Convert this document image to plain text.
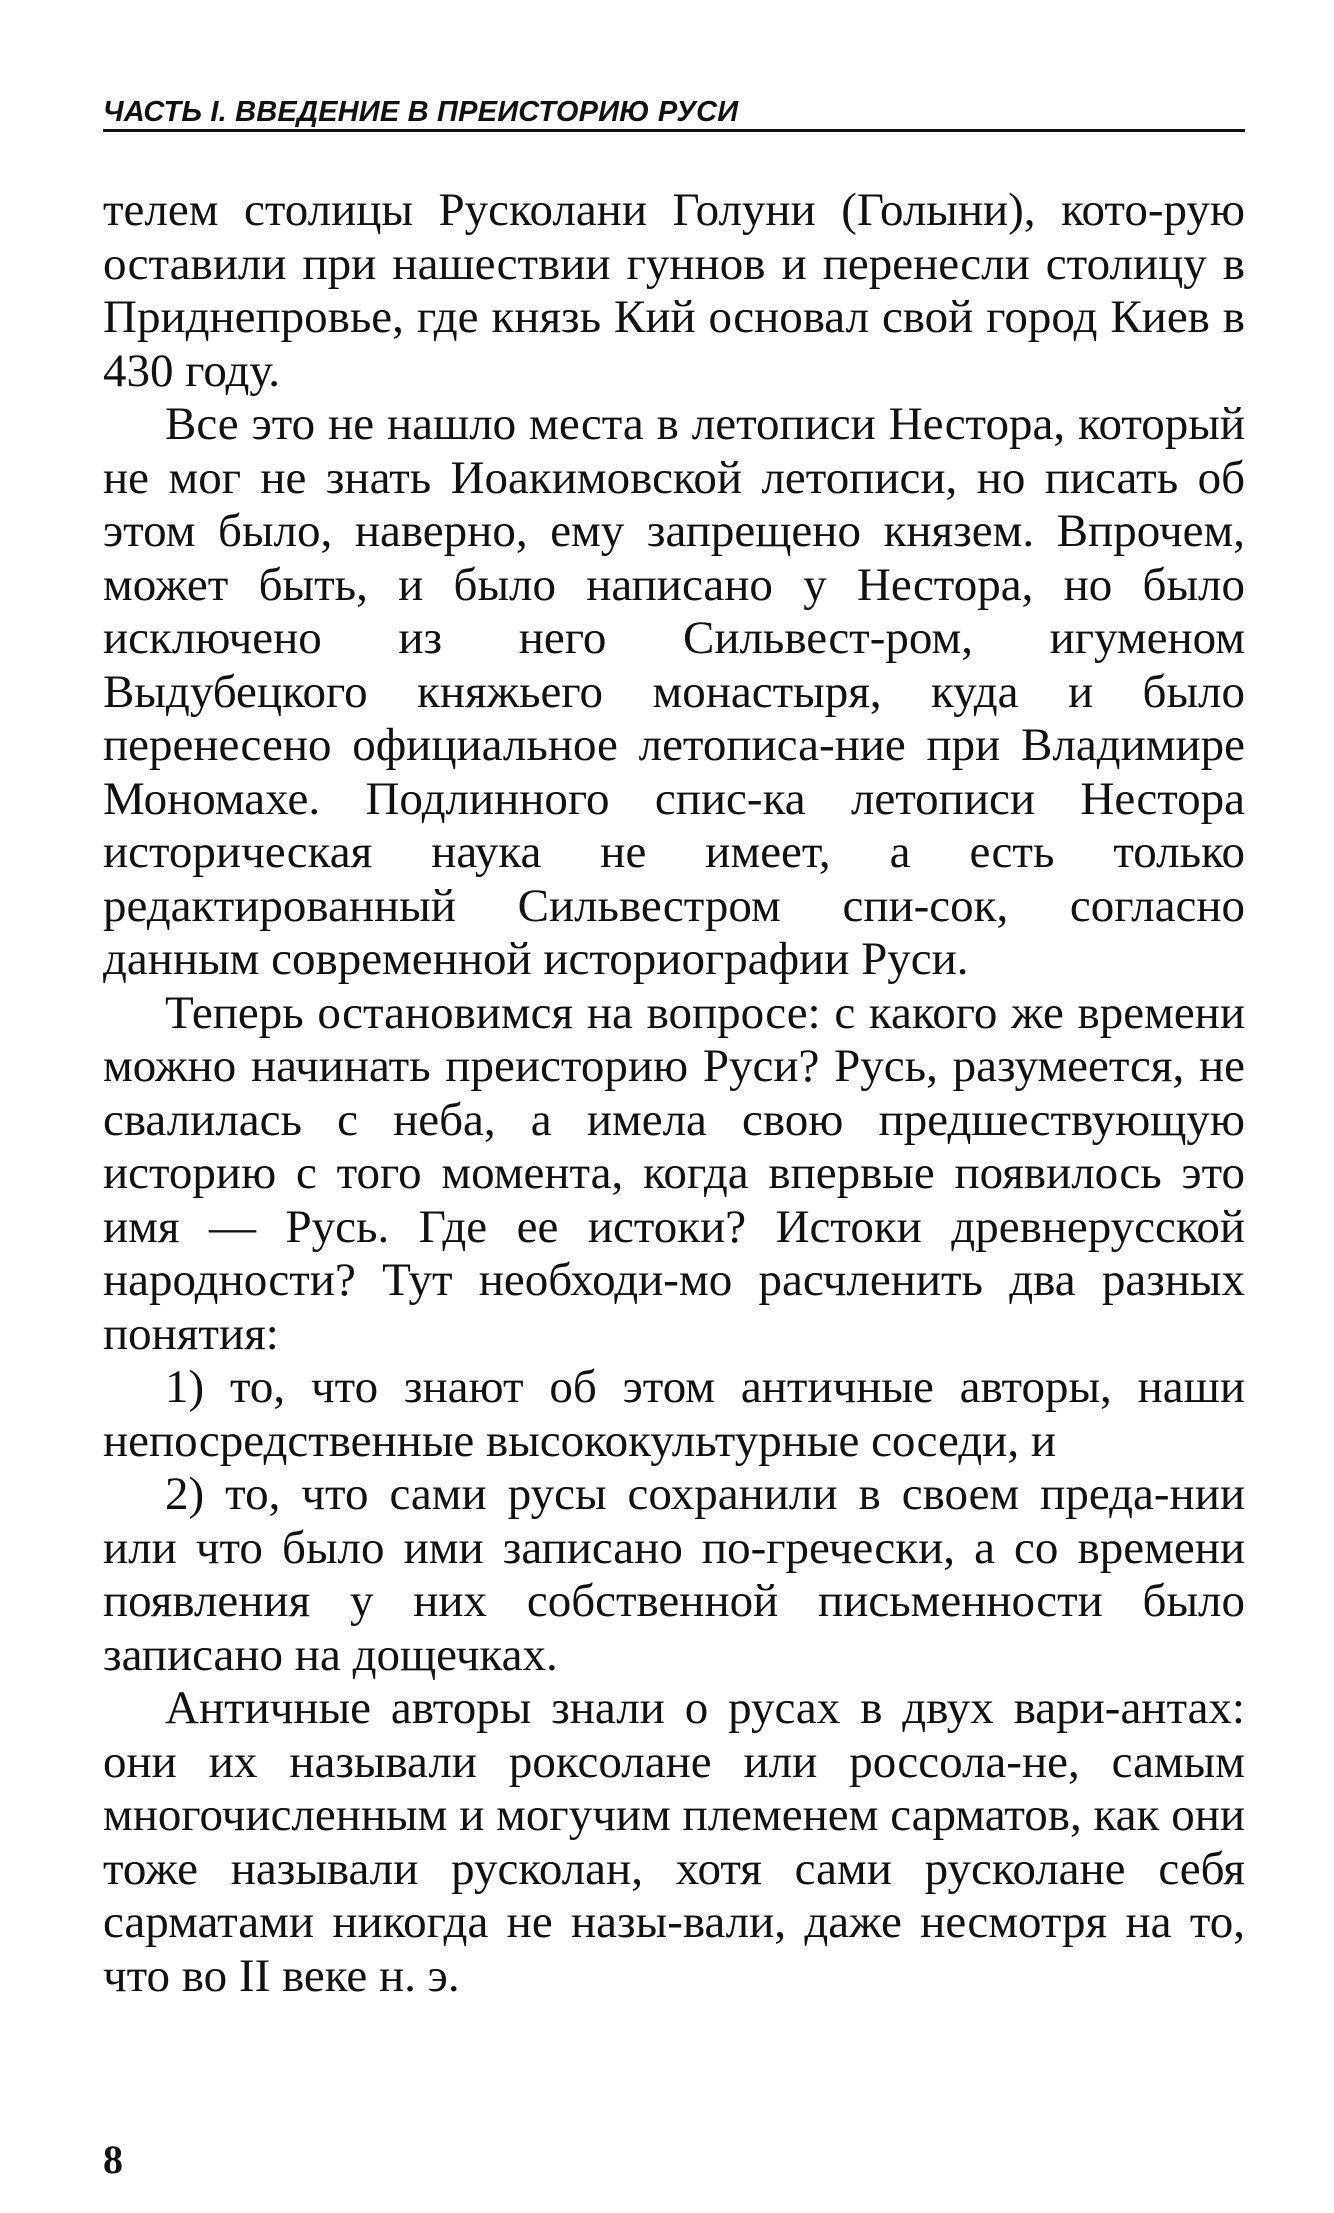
ЧАСТЬ I. ВВЕДЕНИЕ В ПРЕИСТОРИЮ РУСИ

телем столицы Русколани Голуни (Голыни), кото-рую оставили при нашествии гуннов и перенесли столицу в Приднепровье, где князь Кий основал свой город Киев в 430 году.

Все это не нашло места в летописи Нестора, который не мог не знать Иоакимовской летописи, но писать об этом было, наверно, ему запрещено князем. Впрочем, может быть, и было написано у Нестора, но было исключено из него Сильвест-ром, игуменом Выдубецкого княжьего монастыря, куда и было перенесено официальное летописа-ние при Владимире Мономахе. Подлинного спис-ка летописи Нестора историческая наука не имеет, а есть только редактированный Сильвестром спи-сок, согласно данным современной историографии Руси.

Теперь остановимся на вопросе: с какого же времени можно начинать преисторию Руси? Русь, разумеется, не свалилась с неба, а имела свою предшествующую историю с того момента, когда впервые появилось это имя — Русь. Где ее истоки? Истоки древнерусской народности? Тут необходи-мо расчленить два разных понятия:

1) то, что знают об этом античные авторы, наши непосредственные высококультурные соседи, и

2) то, что сами русы сохранили в своем преда-нии или что было ими записано по-гречески, а со времени появления у них собственной письменности было записано на дощечках.

Античные авторы знали о русах в двух вари-антах: они их называли роксолане или россола-не, самым многочисленным и могучим племенем сарматов, как они тоже называли русколан, хотя сами русколане себя сарматами никогда не назы-вали, даже несмотря на то, что во II веке н. э.

8
